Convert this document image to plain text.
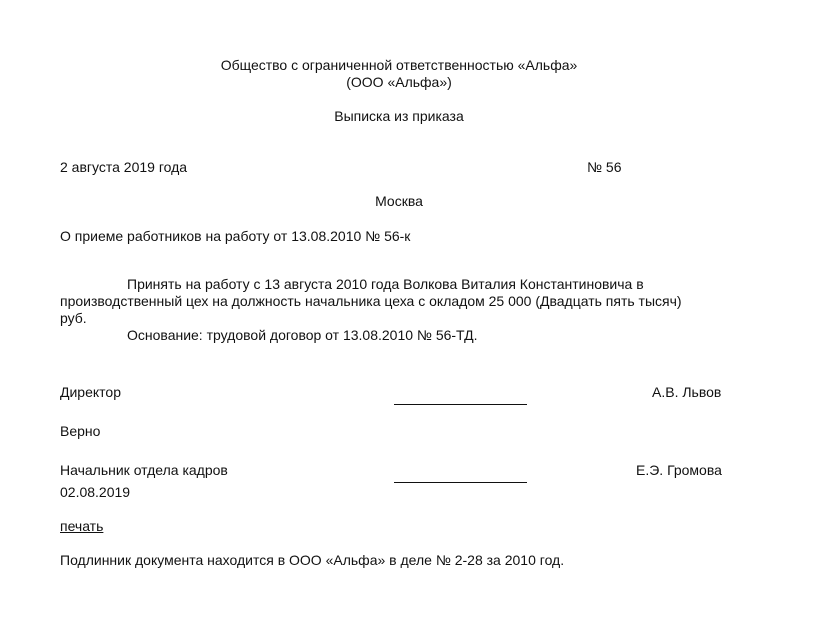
Общество с ограниченной ответственностью «Альфа»
(ООО «Альфа»)
Выписка из приказа
2 августа 2019 года	№ 56
Москва
О приеме работников на работу от 13.08.2010 № 56-к
Принять на работу с 13 августа 2010 года Волкова Виталия Константиновича в
производственный цех на должность начальника цеха с окладом 25 000 (Двадцать пять тысяч)
руб.
Основание: трудовой договор от 13.08.2010 № 56-ТД.
Директор	А.В. Львов
Верно
Начальник отдела кадров	Е.Э. Громова
02.08.2019
печать
Подлинник документа находится в ООО «Альфа» в деле № 2-28 за 2010 год.
